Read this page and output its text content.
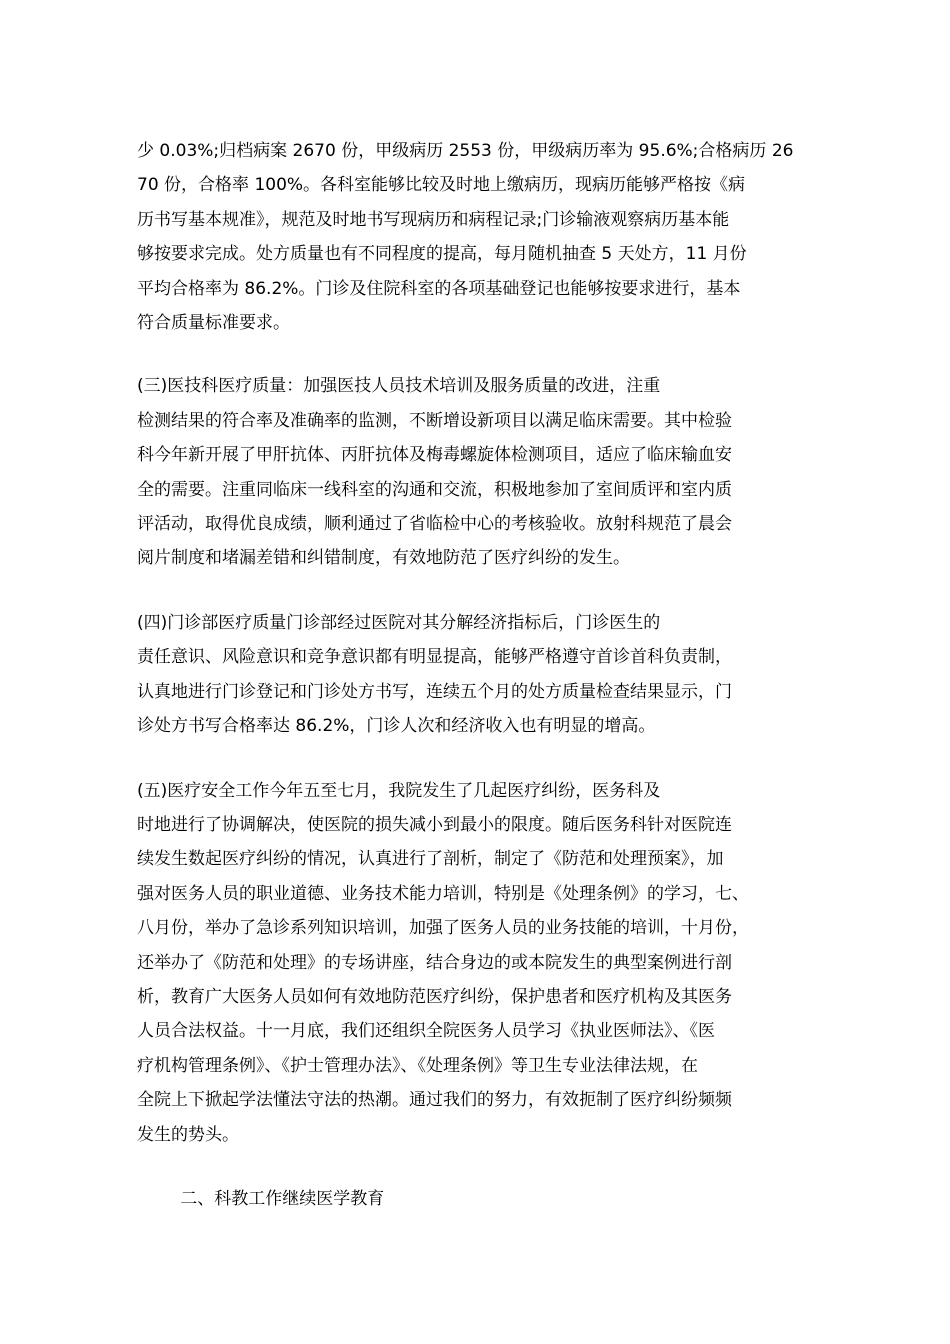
少 0.03%;归档病案 2670 份，甲级病历 2553 份，甲级病历率为 95.6%;合格病历 26
70 份，合格率 100%。各科室能够比较及时地上缴病历，现病历能够严格按《病
历书写基本规准》，规范及时地书写现病历和病程记录;门诊输液观察病历基本能
够按要求完成。处方质量也有不同程度的提高，每月随机抽查 5 天处方，11 月份
平均合格率为 86.2%。门诊及住院科室的各项基础登记也能够按要求进行，基本
符合质量标准要求。

(三)医技科医疗质量：加强医技人员技术培训及服务质量的改进，注重
检测结果的符合率及准确率的监测，不断增设新项目以满足临床需要。其中检验
科今年新开展了甲肝抗体、丙肝抗体及梅毒螺旋体检测项目，适应了临床输血安
全的需要。注重同临床一线科室的沟通和交流，积极地参加了室间质评和室内质
评活动，取得优良成绩，顺利通过了省临检中心的考核验收。放射科规范了晨会
阅片制度和堵漏差错和纠错制度，有效地防范了医疗纠纷的发生。

(四)门诊部医疗质量门诊部经过医院对其分解经济指标后，门诊医生的
责任意识、风险意识和竞争意识都有明显提高，能够严格遵守首诊首科负责制，
认真地进行门诊登记和门诊处方书写，连续五个月的处方质量检查结果显示，门
诊处方书写合格率达 86.2%，门诊人次和经济收入也有明显的增高。

(五)医疗安全工作今年五至七月，我院发生了几起医疗纠纷，医务科及
时地进行了协调解决，使医院的损失减小到最小的限度。随后医务科针对医院连
续发生数起医疗纠纷的情况，认真进行了剖析，制定了《防范和处理预案》，加
强对医务人员的职业道德、业务技术能力培训，特别是《处理条例》的学习，七、
八月份，举办了急诊系列知识培训，加强了医务人员的业务技能的培训，十月份，
还举办了《防范和处理》的专场讲座，结合身边的或本院发生的典型案例进行剖
析，教育广大医务人员如何有效地防范医疗纠纷，保护患者和医疗机构及其医务
人员合法权益。十一月底，我们还组织全院医务人员学习《执业医师法》、《医
疗机构管理条例》、《护士管理办法》、《处理条例》等卫生专业法律法规，在
全院上下掀起学法懂法守法的热潮。通过我们的努力，有效扼制了医疗纠纷频频
发生的势头。

二、科教工作继续医学教育
